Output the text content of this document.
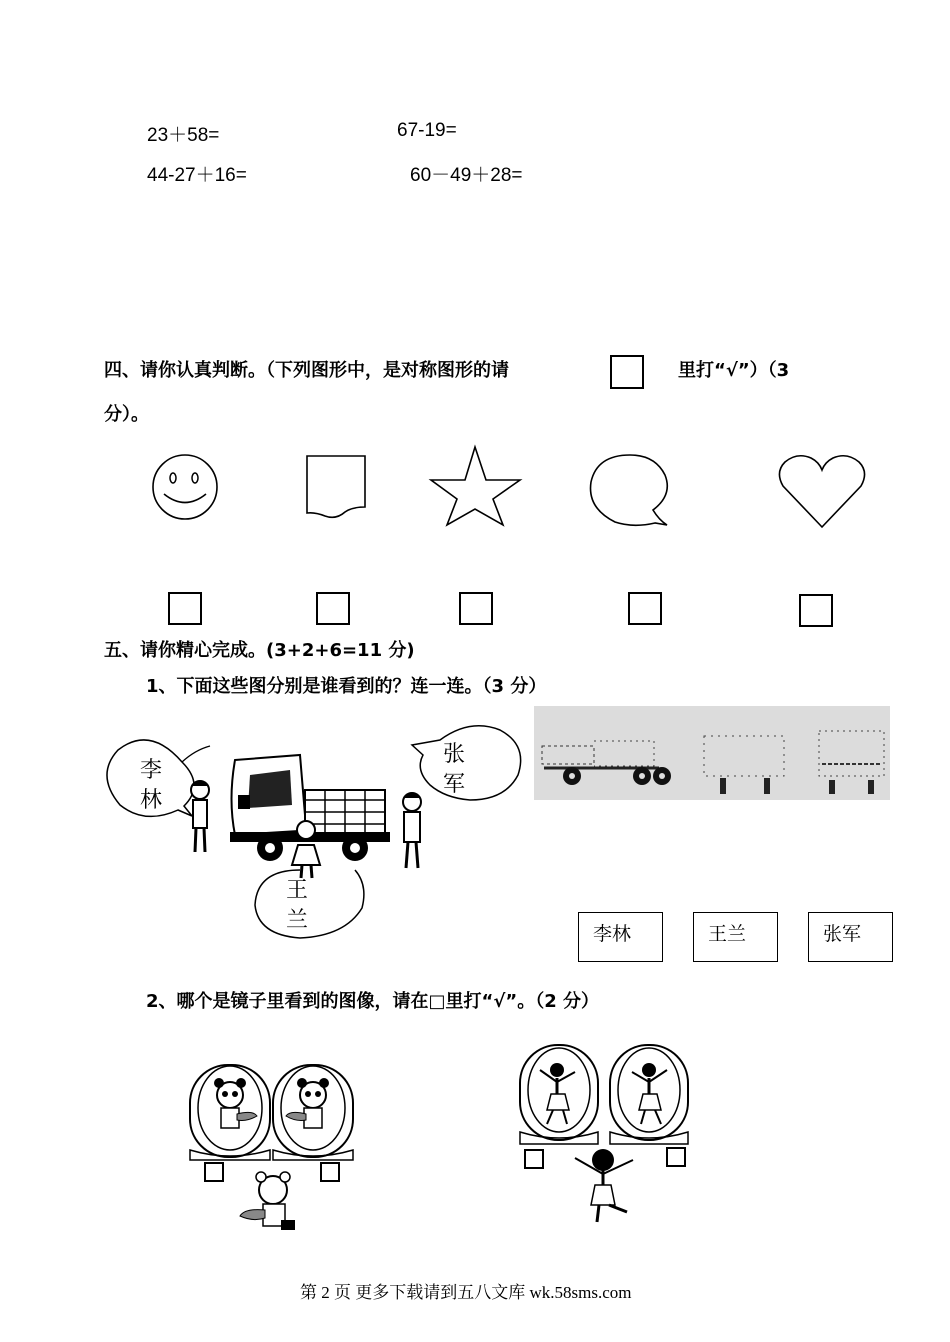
23＋58=	67-19=
44-27＋16=	60－49＋28=
四、请你认真判断。（下列图形中，是对称图形的请	里打“√”）（3
分）。
五、请你精心完成。(3+2+6=11 分)
1、下面这些图分别是谁看到的？连一连。（3 分）
李
林
张
军
王
兰
李林	王兰	张军
2、哪个是镜子里看到的图像，请在□里打“√”。（2 分）
第 2 页 更多下载请到五八文库 wk.58sms.com
